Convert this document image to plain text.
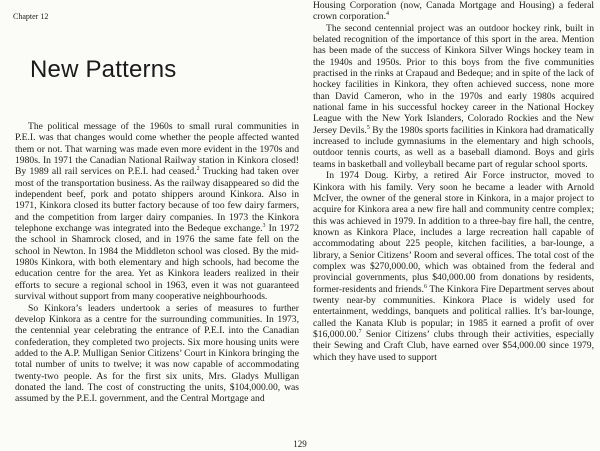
Chapter 12
New Patterns

The political message of the 1960s to small rural communities in P.E.I. was that changes would come whether the people affected wanted them or not. That warning was made even more evident in the 1970s and 1980s. In 1971 the Canadian National Railway station in Kinkora closed! By 1989 all rail services on P.E.I. had ceased.$^2$ Trucking had taken over most of the transportation business. As the railway disappeared so did the independent beef, pork and potato shippers around Kinkora. Also in 1971, Kinkora closed its butter factory because of too few dairy farmers, and the competition from larger dairy companies. In 1973 the Kinkora telephone exchange was integrated into the Bedeque exchange.$^3$ In 1972 the school in Shamrock closed, and in 1976 the same fate fell on the school in Newton. In 1984 the Middleton school was closed. By the mid-1980s Kinkora, with both elementary and high schools, had become the education centre for the area. Yet as Kinkora leaders realized in their efforts to secure a regional school in 1963, even it was not guaranteed survival without support from many cooperative neighbourhoods.

So Kinkora’s leaders undertook a series of measures to further develop Kinkora as a centre for the surrounding communities. In 1973, the centennial year celebrating the entrance of P.E.I. into the Canadian confederation, they completed two projects. Six more housing units were added to the A.P. Mulligan Senior Citizens’ Court in Kinkora bringing the total number of units to twelve; it was now capable of accommodating twenty-two people. As for the first six units, Mrs. Gladys Mulligan donated the land. The cost of constructing the units, $104,000.00, was assumed by the P.E.I. government, and the Central Mortgage and

Housing Corporation (now, Canada Mortgage and Housing) a federal crown corporation.$^4$

The second centennial project was an outdoor hockey rink, built in belated recognition of the importance of this sport in the area. Mention has been made of the success of Kinkora Silver Wings hockey team in the 1940s and 1950s. Prior to this boys from the five communities practised in the rinks at Crapaud and Bedeque; and in spite of the lack of hockey facilities in Kinkora, they often achieved success, none more than David Cameron, who in the 1970s and early 1980s acquired national fame in his successful hockey career in the National Hockey League with the New York Islanders, Colorado Rockies and the New Jersey Devils.$^5$ By the 1980s sports facilities in Kinkora had dramatically increased to include gymnasiums in the elementary and high schools, outdoor tennis courts, as well as a baseball diamond. Boys and girls teams in basketball and volleyball became part of regular school sports.

In 1974 Doug. Kirby, a retired Air Force instructor, moved to Kinkora with his family. Very soon he became a leader with Arnold McIver, the owner of the general store in Kinkora, in a major project to acquire for Kinkora area a new fire hall and community centre complex; this was achieved in 1979. In addition to a three-bay fire hall, the centre, known as Kinkora Place, includes a large recreation hall capable of accommodating about 225 people, kitchen facilities, a bar-lounge, a library, a Senior Citizens’ Room and several offices. The total cost of the complex was $270,000.00, which was obtained from the federal and provincial governments, plus $40,000.00 from donations by residents, former-residents and friends.$^6$ The Kinkora Fire Department serves about twenty near-by communities. Kinkora Place is widely used for entertainment, weddings, banquets and political rallies. It’s bar-lounge, called the Kanata Klub is popular; in 1985 it earned a profit of over $16,000.00.$^7$ Senior Citizens’ clubs through their activities, especially their Sewing and Craft Club, have earned over $54,000.00 since 1979, which they have used to support

129
